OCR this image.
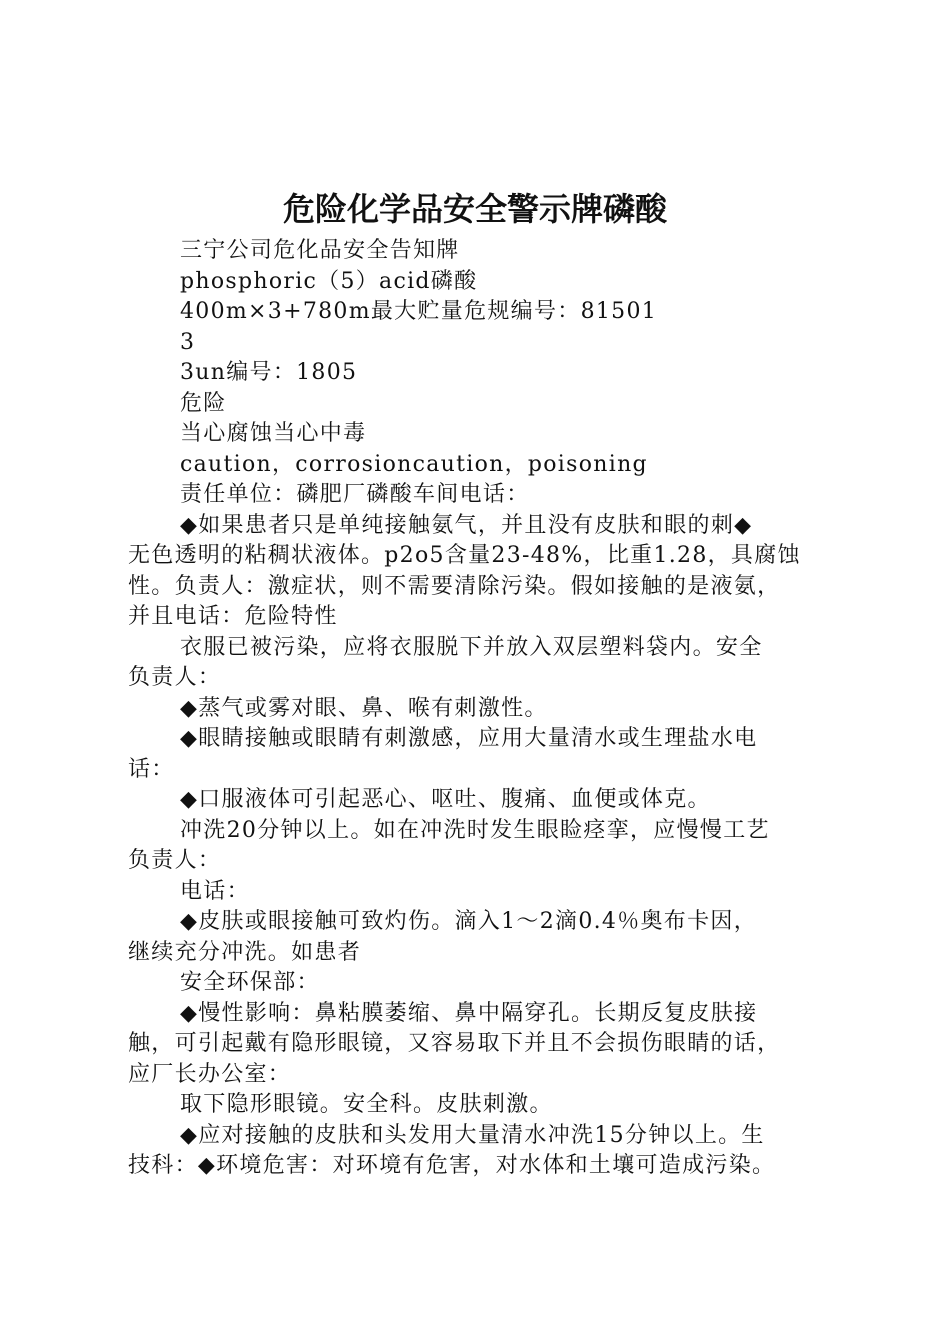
危险化学品安全警示牌磷酸
三宁公司危化品安全告知牌
phosphoric（5）acid磷酸
400m×3+780m最大贮量危规编号：81501
3
3un编号：1805
危险
当心腐蚀当心中毒
caution，corrosioncaution，poisoning
责任单位：磷肥厂磷酸车间电话：
◆如果患者只是单纯接触氨气，并且没有皮肤和眼的刺◆
无色透明的粘稠状液体。p2o5含量23-48%，比重1.28，具腐蚀
性。负责人：激症状，则不需要清除污染。假如接触的是液氨，
并且电话：危险特性
衣服已被污染，应将衣服脱下并放入双层塑料袋内。安全
负责人：
◆蒸气或雾对眼、鼻、喉有刺激性。
◆眼睛接触或眼睛有刺激感，应用大量清水或生理盐水电
话：
◆口服液体可引起恶心、呕吐、腹痛、血便或体克。
冲洗20分钟以上。如在冲洗时发生眼睑痉挛，应慢慢工艺
负责人：
电话：
◆皮肤或眼接触可致灼伤。滴入1～2滴0.4％奥布卡因，
继续充分冲洗。如患者
安全环保部：
◆慢性影响：鼻粘膜萎缩、鼻中隔穿孔。长期反复皮肤接
触，可引起戴有隐形眼镜，又容易取下并且不会损伤眼睛的话，
应厂长办公室：
取下隐形眼镜。安全科。皮肤刺激。
◆应对接触的皮肤和头发用大量清水冲洗15分钟以上。生
技科：◆环境危害：对环境有危害，对水体和土壤可造成污染。
